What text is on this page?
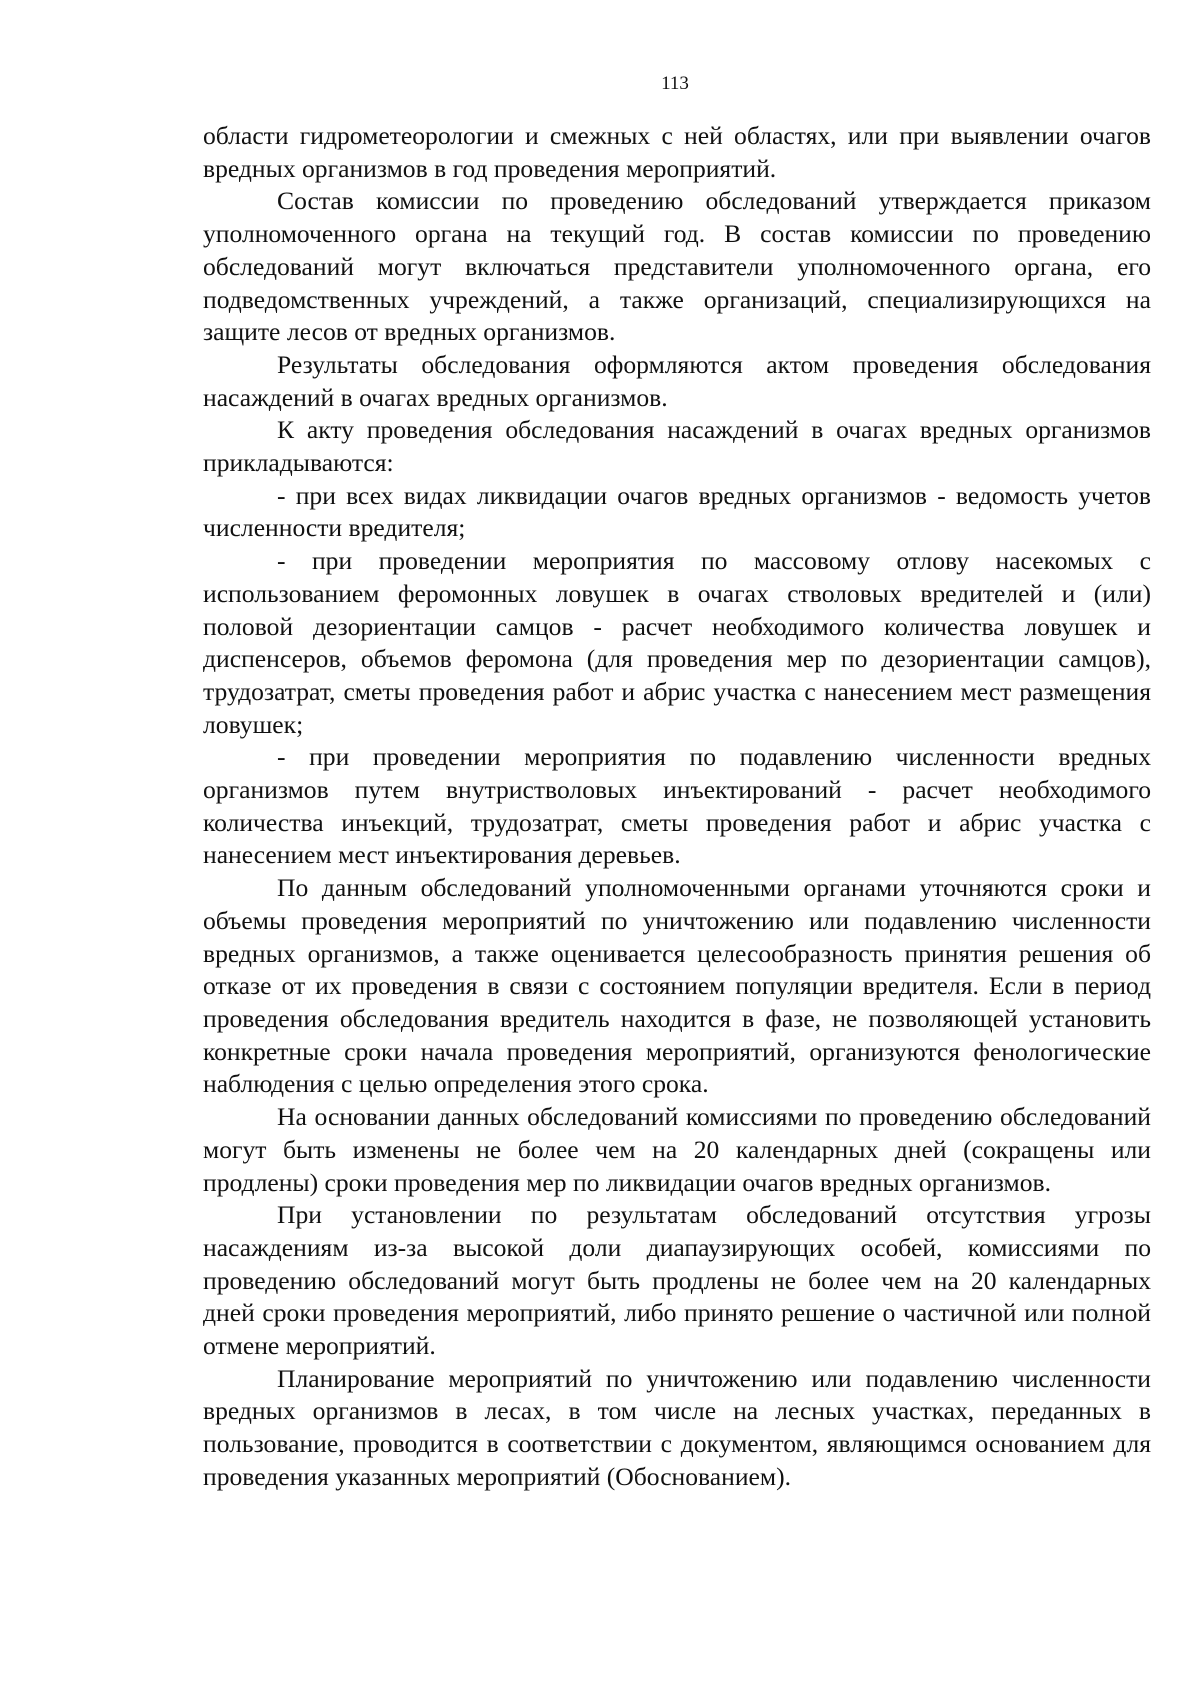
113

области гидрометеорологии и смежных с ней областях, или при выявлении очагов вредных организмов в год проведения мероприятий.

Состав комиссии по проведению обследований утверждается приказом уполномоченного органа на текущий год. В состав комиссии по проведению обследований могут включаться представители уполномоченного органа, его подведомственных учреждений, а также организаций, специализирующихся на защите лесов от вредных организмов.

Результаты обследования оформляются актом проведения обследования насаждений в очагах вредных организмов.

К акту проведения обследования насаждений в очагах вредных организмов прикладываются:

- при всех видах ликвидации очагов вредных организмов - ведомость учетов численности вредителя;

- при проведении мероприятия по массовому отлову насекомых с использованием феромонных ловушек в очагах стволовых вредителей и (или) половой дезориентации самцов - расчет необходимого количества ловушек и диспенсеров, объемов феромона (для проведения мер по дезориентации самцов), трудозатрат, сметы проведения работ и абрис участка с нанесением мест размещения ловушек;

- при проведении мероприятия по подавлению численности вредных организмов путем внутристволовых инъектирований - расчет необходимого количества инъекций, трудозатрат, сметы проведения работ и абрис участка с нанесением мест инъектирования деревьев.

По данным обследований уполномоченными органами уточняются сроки и объемы проведения мероприятий по уничтожению или подавлению численности вредных организмов, а также оценивается целесообразность принятия решения об отказе от их проведения в связи с состоянием популяции вредителя. Если в период проведения обследования вредитель находится в фазе, не позволяющей установить конкретные сроки начала проведения мероприятий, организуются фенологические наблюдения с целью определения этого срока.

На основании данных обследований комиссиями по проведению обследований могут быть изменены не более чем на 20 календарных дней (сокращены или продлены) сроки проведения мер по ликвидации очагов вредных организмов.

При установлении по результатам обследований отсутствия угрозы насаждениям из-за высокой доли диапаузирующих особей, комиссиями по проведению обследований могут быть продлены не более чем на 20 календарных дней сроки проведения мероприятий, либо принято решение о частичной или полной отмене мероприятий.

Планирование мероприятий по уничтожению или подавлению численности вредных организмов в лесах, в том числе на лесных участках, переданных в пользование, проводится в соответствии с документом, являющимся основанием для проведения указанных мероприятий (Обоснованием).
